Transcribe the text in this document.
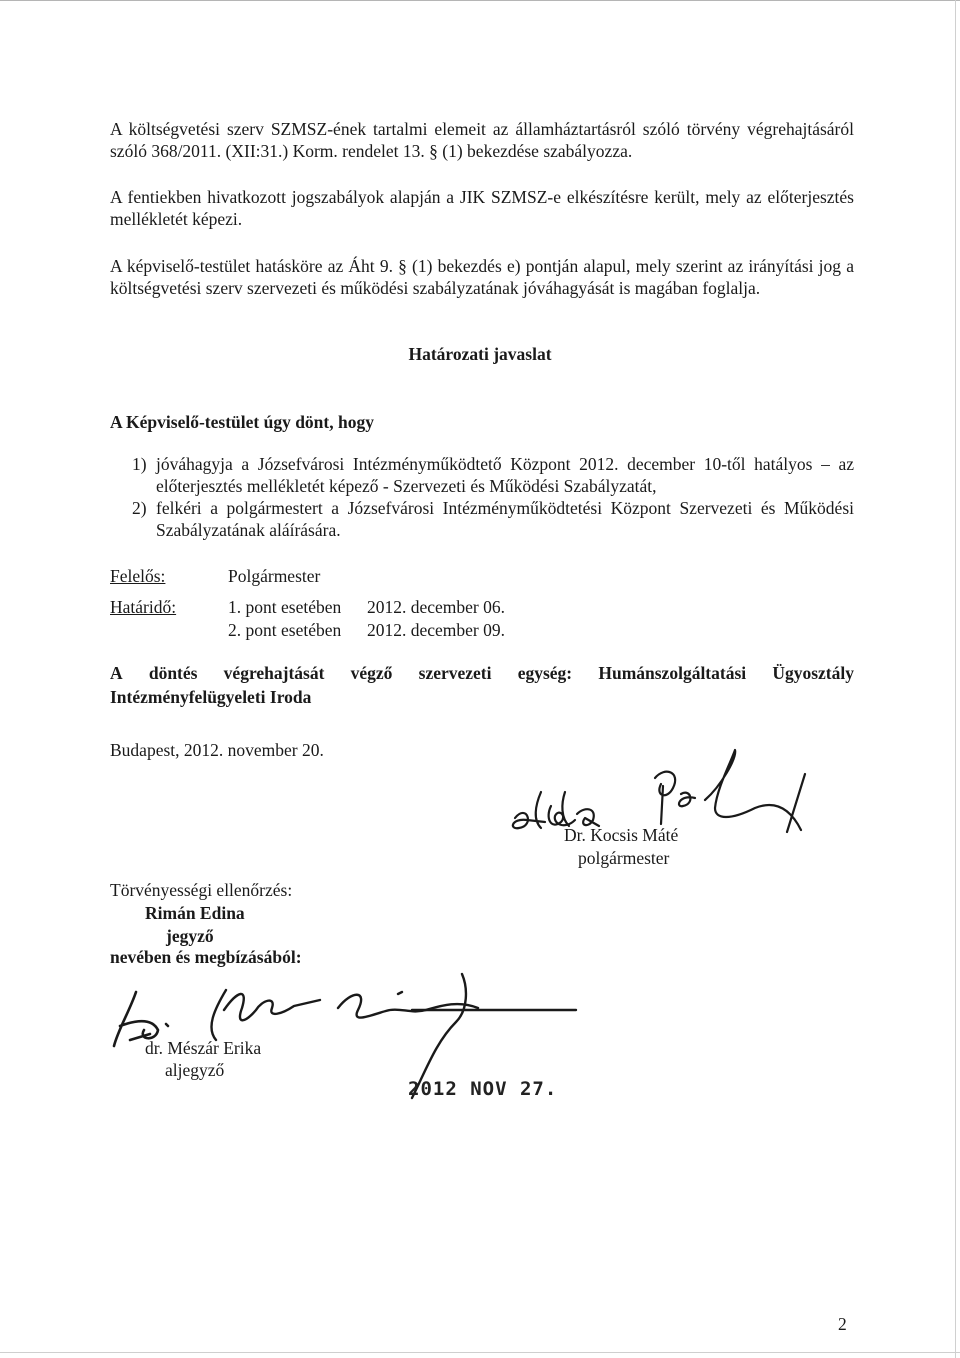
A költségvetési szerv SZMSZ-ének tartalmi elemeit az államháztartásról szóló törvény végrehajtásáról szóló 368/2011. (XII:31.) Korm. rendelet 13. § (1) bekezdése szabályozza.

A fentiekben hivatkozott jogszabályok alapján a JIK SZMSZ-e elkészítésre került, mely az előterjesztés mellékletét képezi.

A képviselő-testület hatásköre az Áht 9. § (1) bekezdés e) pontján alapul, mely szerint az irányítási jog a költségvetési szerv szervezeti és működési szabályzatának jóváhagyását is magában foglalja.

Határozati javaslat
A Képviselő-testület úgy dönt, hogy
1) jóváhagyja a Józsefvárosi Intézményműködtető Központ 2012. december 10-től hatályos – az előterjesztés mellékletét képező - Szervezeti és Működési Szabályzatát,
2) felkéri a polgármestert a Józsefvárosi Intézményműködtetési Központ Szervezeti és Működési Szabályzatának aláírására.
Felelős:	Polgármester
Határidő:	1. pont esetében 2012. december 06.
2. pont esetében 2012. december 09.
A döntés végrehajtását végző szervezeti egység: Humánszolgáltatási Ügyosztály
Intézményfelügyeleti Iroda
Budapest, 2012. november 20.
Dr. Kocsis Máté
polgármester
Törvényességi ellenőrzés:
Rimán Edina
jegyző
nevében és megbízásából:
dr. Mészár Erika
aljegyző
2012 NOV 27.
2
